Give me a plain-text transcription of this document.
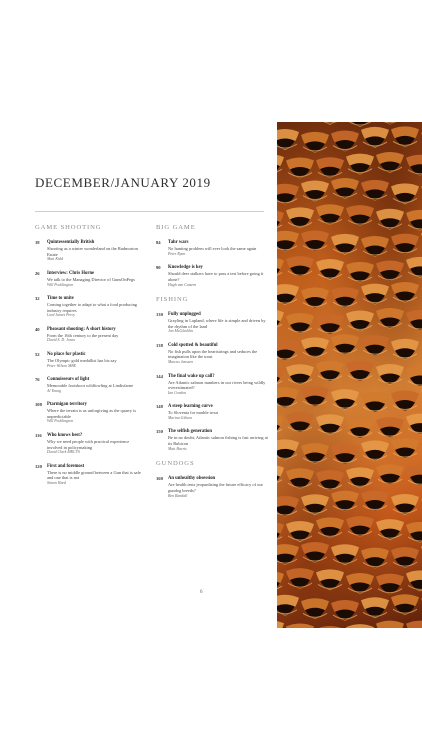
DECEMBER/JANUARY 2019
GAME SHOOTING
18 Quintessentially British
Shooting as a winter wonderland on the Rudmorton Estate
Matt Kidd
26 Interview: Chris Horne
We talk to the Managing Director of GunsOnPegs
Will Pocklington
32 Time to unite
Coming together to adapt to what a food producing industry requires
Lord James Percy
40 Pheasant shooting: A short history
From the 16th century to the present day
David S. D. Jones
52 No place for plastic
The Olympic gold medallist has his say
Peter Wilson MBE
76 Connoisseurs of light
Memorable footshoot wildfowling at Lindisfarne
Al Young
108 Ptarmigan territory
Where the terrain is as unforgiving as the quarry is unpredictable
Will Pocklington
116 Who knows best?
Why we need people with practical experience involved in policymaking
David Clark MRCVS
120 First and foremost
There is no middle ground between a Gun that is safe and one that is not
Simon Ward
BIG GAME
84 Tahr wars
No hunting problem will ever look the same again
Peter Ryan
90 Knowledge is key
Should deer stalkers have to pass a test before going it alone?
Hugh van Cutsem
FISHING
130 Fully unplugged
Grayling in Lapland, where life is simple and driven by the rhythm of the land
Jon McGlashlin
138 Cold spotted & beautiful
No fish pulls upon the heartstrings and seduces the imagination like the trout
Marcus Janssen
144 The final wake up call?
Are Atlantic salmon numbers in our rivers being wildly overestimated?
Ian Gordon
148 A steep learning curve
To Slovenia for marble trout
Marina Gibson
150 The selfish generation
Be in no doubt, Atlantic salmon fishing is fast arriving at its Rubicon
Matt Harris
GUNDOGS
160 An unhealthy obsession
Are health tests jeopardising the future efficacy of our gundog breeds?
Ben Randall
6
